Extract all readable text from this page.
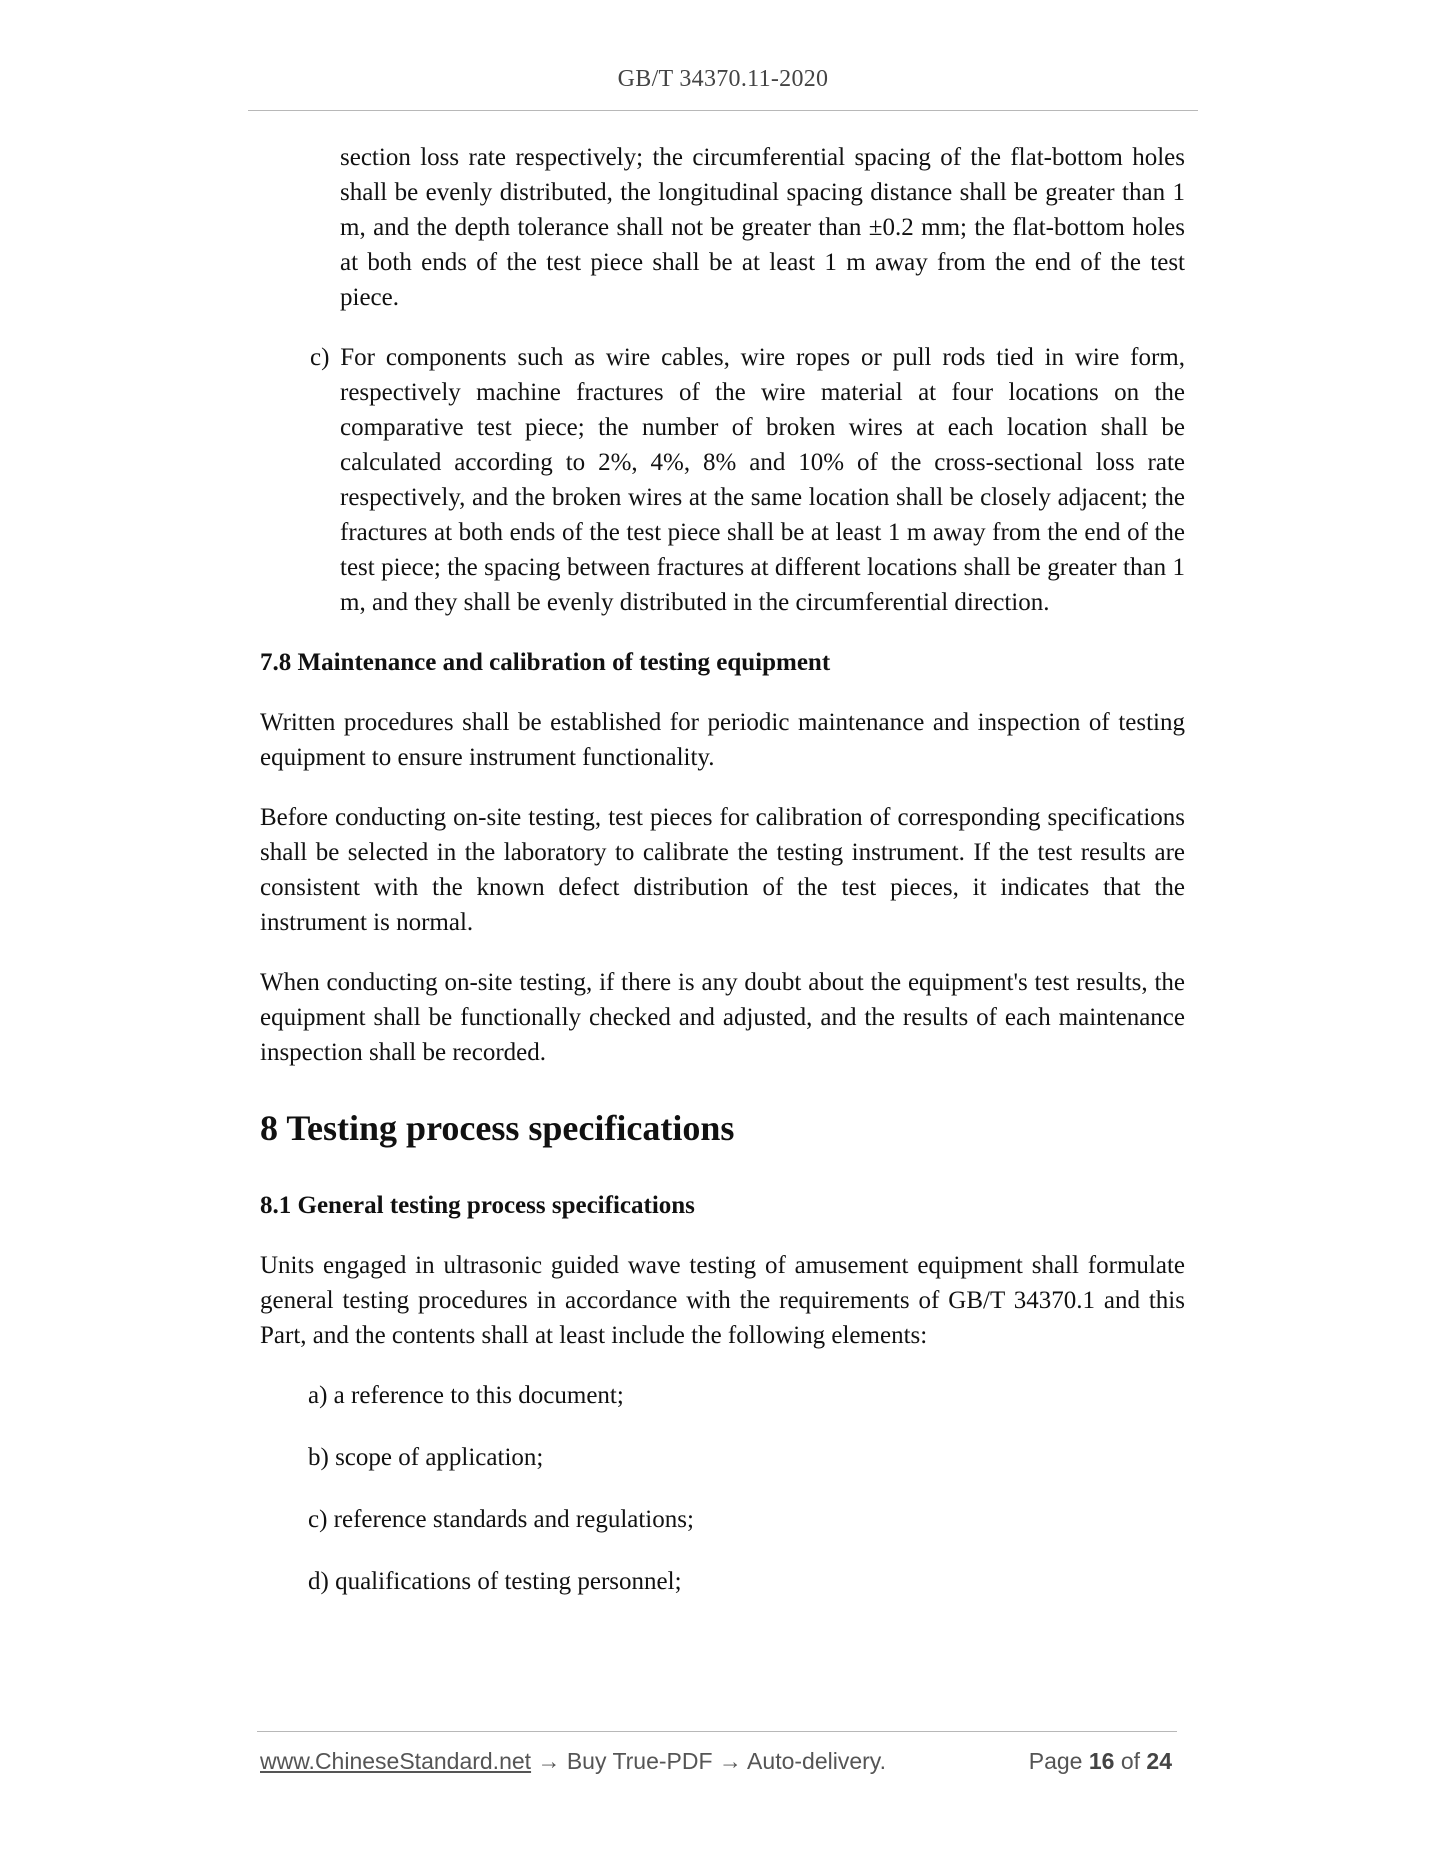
GB/T 34370.11-2020

section loss rate respectively; the circumferential spacing of the flat-bottom holes shall be evenly distributed, the longitudinal spacing distance shall be greater than 1 m, and the depth tolerance shall not be greater than ±0.2 mm; the flat-bottom holes at both ends of the test piece shall be at least 1 m away from the end of the test piece.

c) For components such as wire cables, wire ropes or pull rods tied in wire form, respectively machine fractures of the wire material at four locations on the comparative test piece; the number of broken wires at each location shall be calculated according to 2%, 4%, 8% and 10% of the cross-sectional loss rate respectively, and the broken wires at the same location shall be closely adjacent; the fractures at both ends of the test piece shall be at least 1 m away from the end of the test piece; the spacing between fractures at different locations shall be greater than 1 m, and they shall be evenly distributed in the circumferential direction.

7.8 Maintenance and calibration of testing equipment

Written procedures shall be established for periodic maintenance and inspection of testing equipment to ensure instrument functionality.

Before conducting on-site testing, test pieces for calibration of corresponding specifications shall be selected in the laboratory to calibrate the testing instrument. If the test results are consistent with the known defect distribution of the test pieces, it indicates that the instrument is normal.

When conducting on-site testing, if there is any doubt about the equipment's test results, the equipment shall be functionally checked and adjusted, and the results of each maintenance inspection shall be recorded.

8 Testing process specifications
8.1 General testing process specifications

Units engaged in ultrasonic guided wave testing of amusement equipment shall formulate general testing procedures in accordance with the requirements of GB/T 34370.1 and this Part, and the contents shall at least include the following elements:

a) a reference to this document;

b) scope of application;

c) reference standards and regulations;

d) qualifications of testing personnel;

www.ChineseStandard.net → Buy True-PDF → Auto-delivery.	Page 16 of 24
